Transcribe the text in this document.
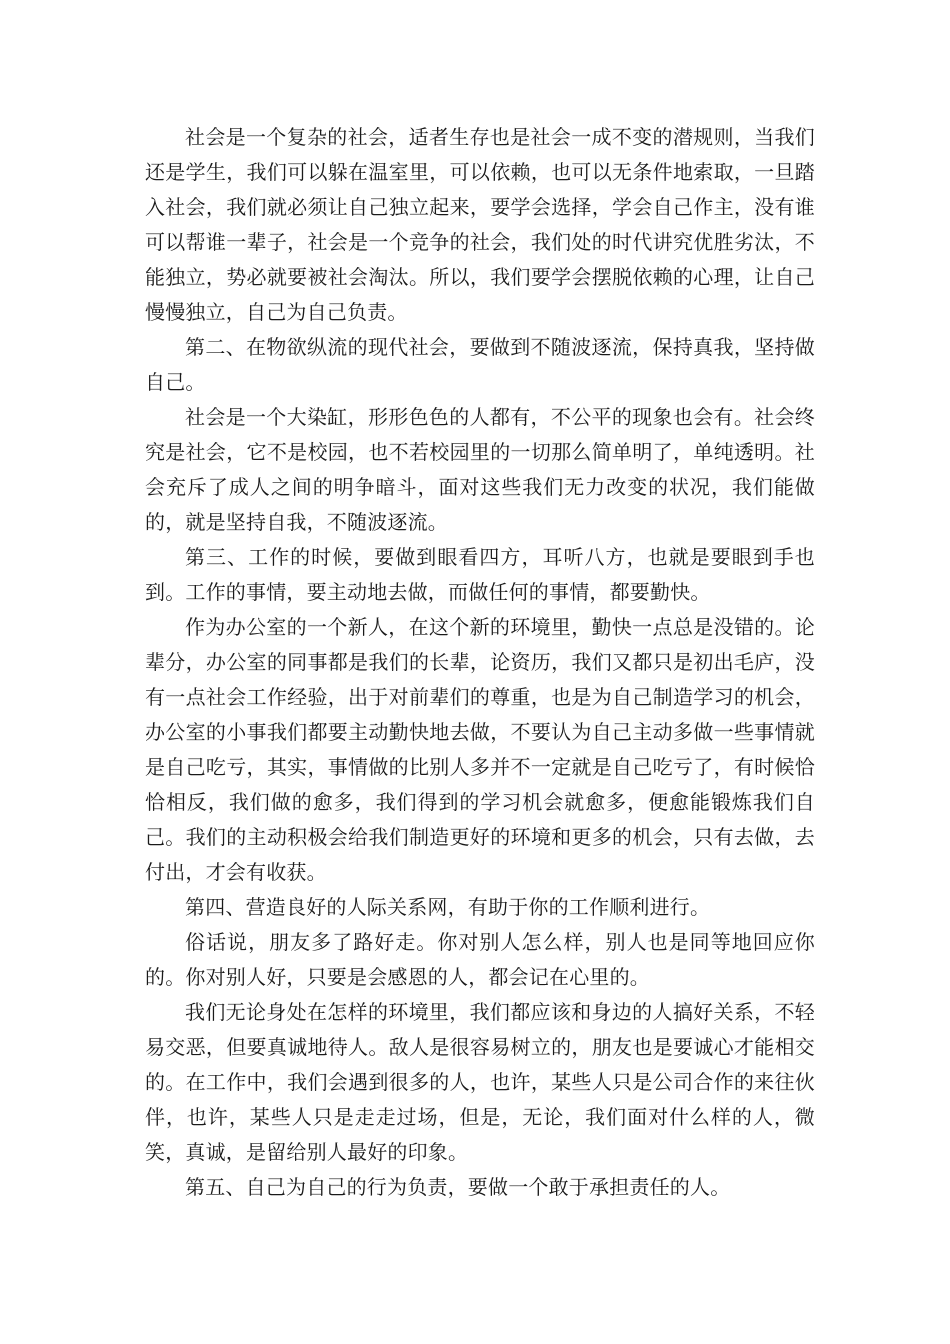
社会是一个复杂的社会，适者生存也是社会一成不变的潜规则，当我们还是学生，我们可以躲在温室里，可以依赖，也可以无条件地索取，一旦踏入社会，我们就必须让自己独立起来，要学会选择，学会自己作主，没有谁可以帮谁一辈子，社会是一个竞争的社会，我们处的时代讲究优胜劣汰，不能独立，势必就要被社会淘汰。所以，我们要学会摆脱依赖的心理，让自己慢慢独立，自己为自己负责。

第二、在物欲纵流的现代社会，要做到不随波逐流，保持真我，坚持做自己。

社会是一个大染缸，形形色色的人都有，不公平的现象也会有。社会终究是社会，它不是校园，也不若校园里的一切那么简单明了，单纯透明。社会充斥了成人之间的明争暗斗，面对这些我们无力改变的状况，我们能做的，就是坚持自我，不随波逐流。

第三、工作的时候，要做到眼看四方，耳听八方，也就是要眼到手也到。工作的事情，要主动地去做，而做任何的事情，都要勤快。

作为办公室的一个新人，在这个新的环境里，勤快一点总是没错的。论辈分，办公室的同事都是我们的长辈，论资历，我们又都只是初出毛庐，没有一点社会工作经验，出于对前辈们的尊重，也是为自己制造学习的机会，办公室的小事我们都要主动勤快地去做，不要认为自己主动多做一些事情就是自己吃亏，其实，事情做的比别人多并不一定就是自己吃亏了，有时候恰恰相反，我们做的愈多，我们得到的学习机会就愈多，便愈能锻炼我们自己。我们的主动积极会给我们制造更好的环境和更多的机会，只有去做，去付出，才会有收获。

第四、营造良好的人际关系网，有助于你的工作顺利进行。

俗话说，朋友多了路好走。你对别人怎么样，别人也是同等地回应你的。你对别人好，只要是会感恩的人，都会记在心里的。

我们无论身处在怎样的环境里，我们都应该和身边的人搞好关系，不轻易交恶，但要真诚地待人。敌人是很容易树立的，朋友也是要诚心才能相交的。在工作中，我们会遇到很多的人，也许，某些人只是公司合作的来往伙伴，也许，某些人只是走走过场，但是，无论，我们面对什么样的人，微笑，真诚，是留给别人最好的印象。

第五、自己为自己的行为负责，要做一个敢于承担责任的人。
